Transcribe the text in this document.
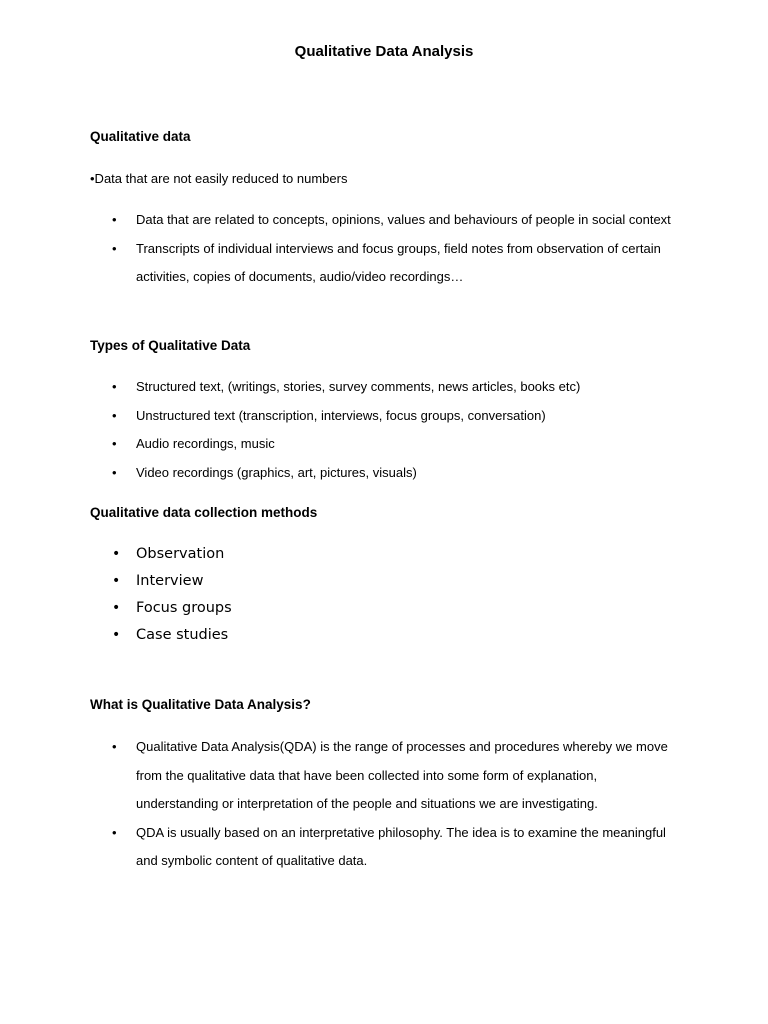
Qualitative Data Analysis
Qualitative data
•Data that are not easily reduced to numbers
• Data that are related to concepts, opinions, values and behaviours of people in social context
• Transcripts of individual interviews and focus groups, field notes from observation of certain activities, copies of documents, audio/video recordings…
Types of Qualitative Data
• Structured text, (writings, stories, survey comments, news articles, books etc)
• Unstructured text (transcription, interviews, focus groups, conversation)
• Audio recordings, music
• Video recordings (graphics, art, pictures, visuals)
Qualitative data collection methods
• Observation
• Interview
• Focus groups
• Case studies
What is Qualitative Data Analysis?
• Qualitative Data Analysis(QDA) is the range of processes and procedures whereby we move from the qualitative data that have been collected into some form of explanation, understanding or interpretation of the people and situations we are investigating.
• QDA is usually based on an interpretative philosophy. The idea is to examine the meaningful and symbolic content of qualitative data.
